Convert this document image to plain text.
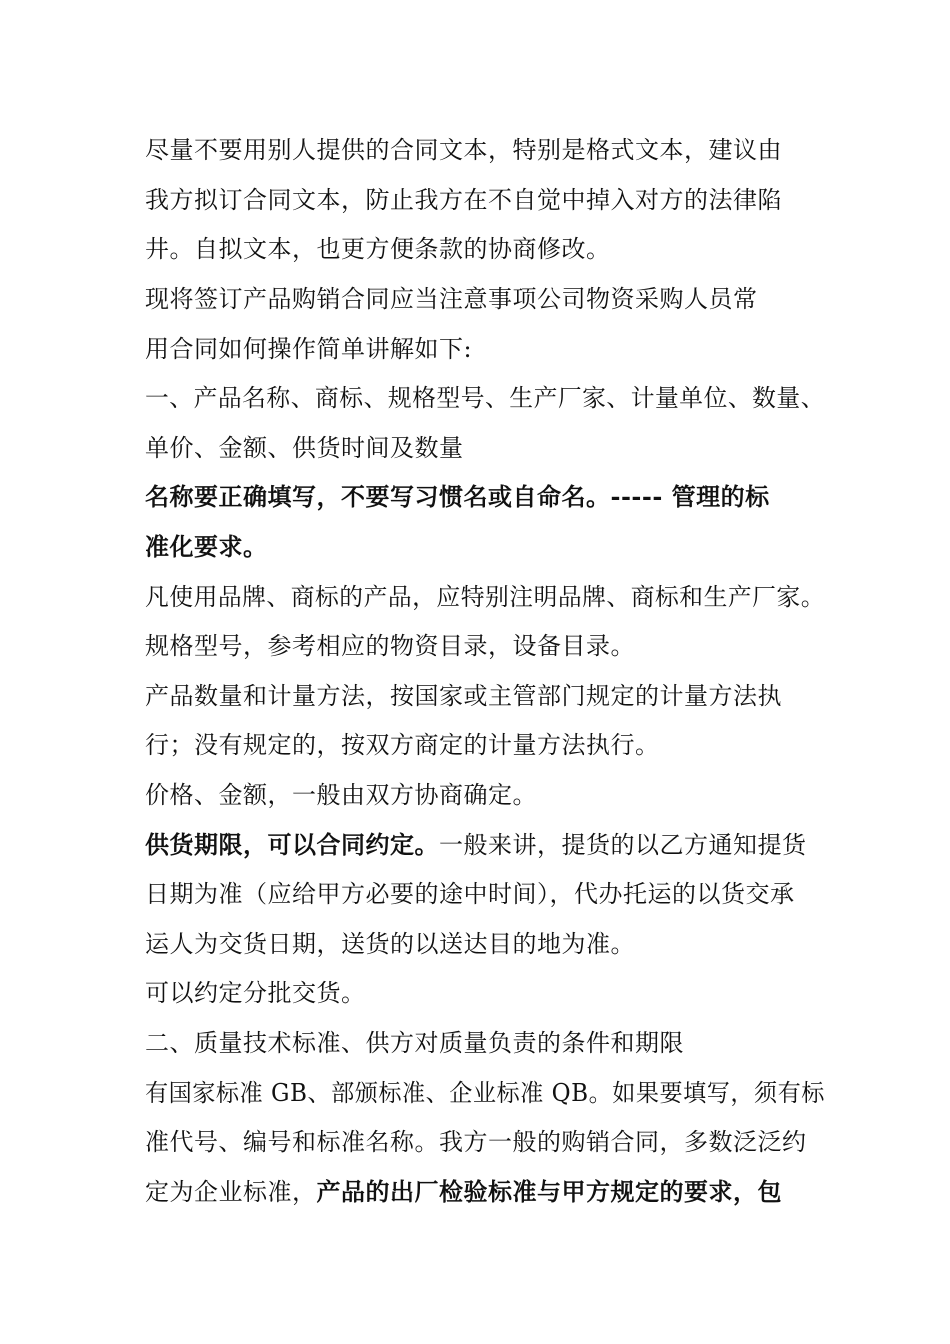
尽量不要用别人提供的合同文本，特别是格式文本，建议由
我方拟订合同文本，防止我方在不自觉中掉入对方的法律陷
井。自拟文本，也更方便条款的协商修改。
现将签订产品购销合同应当注意事项公司物资采购人员常
用合同如何操作简单讲解如下:
一、产品名称、商标、规格型号、生产厂家、计量单位、数量、
单价、金额、供货时间及数量
名称要正确填写，不要写习惯名或自命名。----- 管理的标
准化要求。
凡使用品牌、商标的产品，应特别注明品牌、商标和生产厂家。
规格型号，参考相应的物资目录，设备目录。
产品数量和计量方法，按国家或主管部门规定的计量方法执
行；没有规定的，按双方商定的计量方法执行。
价格、金额，一般由双方协商确定。
供货期限，可以合同约定。一般来讲，提货的以乙方通知提货
日期为准（应给甲方必要的途中时间），代办托运的以货交承
运人为交货日期，送货的以送达目的地为准。
可以约定分批交货。
二、质量技术标准、供方对质量负责的条件和期限
有国家标准 GB、部颁标准、企业标准 QB。如果要填写，须有标
准代号、编号和标准名称。我方一般的购销合同，多数泛泛约
定为企业标准，产品的出厂检验标准与甲方规定的要求，包
